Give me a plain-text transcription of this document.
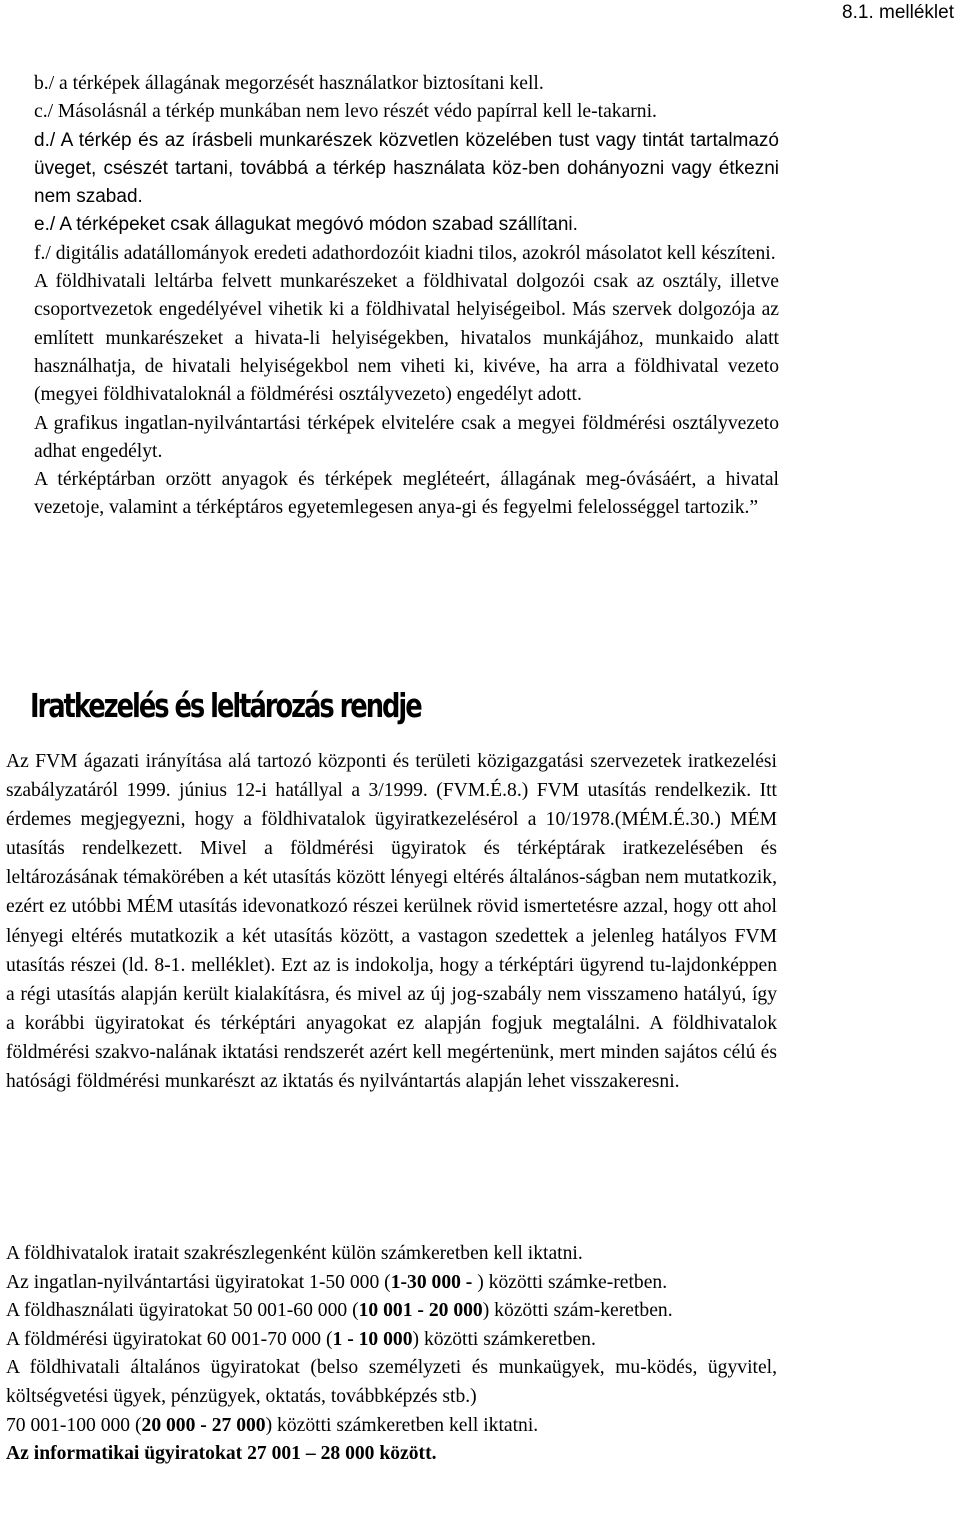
8.1. melléklet

b./ a térképek állagának megorzését használatkor biztosítani kell.

c./ Másolásnál a térkép munkában nem levo részét védo papírral kell le-takarni.

d./ A térkép és az írásbeli munkarészek közvetlen közelében tust vagy tintát tartalmazó üveget, csészét tartani, továbbá a térkép használata köz-ben dohányozni vagy étkezni nem szabad.

e./ A térképeket csak állagukat megóvó módon szabad szállítani.

f./ digitális adatállományok eredeti adathordozóit kiadni tilos, azokról másolatot kell készíteni.

A földhivatali leltárba felvett munkarészeket a földhivatal dolgozói csak az osztály, illetve csoportvezetok engedélyével vihetik ki a földhivatal helyiségeibol. Más szervek dolgozója az említett munkarészeket a hivata-li helyiségekben, hivatalos munkájához, munkaido alatt használhatja, de hivatali helyiségekbol nem viheti ki, kivéve, ha arra a földhivatal vezeto (megyei földhivataloknál a földmérési osztályvezeto) engedélyt adott.

A grafikus ingatlan-nyilvántartási térképek elvitelére csak a megyei földmérési osztályvezeto adhat engedélyt.

A térképtárban orzött anyagok és térképek megléteért, állagának meg-óvásáért, a hivatal vezetoje, valamint a térképtáros egyetemlegesen anya-gi és fegyelmi felelosséggel tartozik.”

Iratkezelés és leltározás rendje

Az FVM ágazati irányítása alá tartozó központi és területi közigazgatási szervezetek iratkezelési szabályzatáról 1999. június 12-i hatállyal a 3/1999. (FVM.É.8.) FVM utasítás rendelkezik. Itt érdemes megjegyezni, hogy a földhivatalok ügyiratkezelésérol a 10/1978.(MÉM.É.30.) MÉM utasítás rendelkezett. Mivel a földmérési ügyiratok és térképtárak iratkezelésében és leltározásának témakörében a két utasítás között lényegi eltérés általános-ságban nem mutatkozik, ezért ez utóbbi MÉM utasítás idevonatkozó részei kerülnek rövid ismertetésre azzal, hogy ott ahol lényegi eltérés mutatkozik a két utasítás között, a vastagon szedettek a jelenleg hatályos FVM utasítás részei (ld. 8-1. melléklet). Ezt az is indokolja, hogy a térképtári ügyrend tu-lajdonképpen a régi utasítás alapján került kialakításra, és mivel az új jog-szabály nem visszameno hatályú, így a korábbi ügyiratokat és térképtári anyagokat ez alapján fogjuk megtalálni. A földhivatalok földmérési szakvo-nalának iktatási rendszerét azért kell megértenünk, mert minden sajátos célú és hatósági földmérési munkarészt az iktatás és nyilvántartás alapján lehet visszakeresni.

A földhivatalok iratait szakrészlegenként külön számkeretben kell iktatni.

Az ingatlan-nyilvántartási ügyiratokat 1-50 000 (1-30 000 - ) közötti számke-retben.

A földhasználati ügyiratokat 50 001-60 000 (10 001 - 20 000) közötti szám-keretben.

A földmérési ügyiratokat 60 001-70 000 (1 - 10 000) közötti számkeretben.

A földhivatali általános ügyiratokat (belso személyzeti és munkaügyek, mu-ködés, ügyvitel, költségvetési ügyek, pénzügyek, oktatás, továbbképzés stb.)

70 001-100 000 (20 000 - 27 000) közötti számkeretben kell iktatni.

Az informatikai ügyiratokat 27 001 – 28 000 között.
